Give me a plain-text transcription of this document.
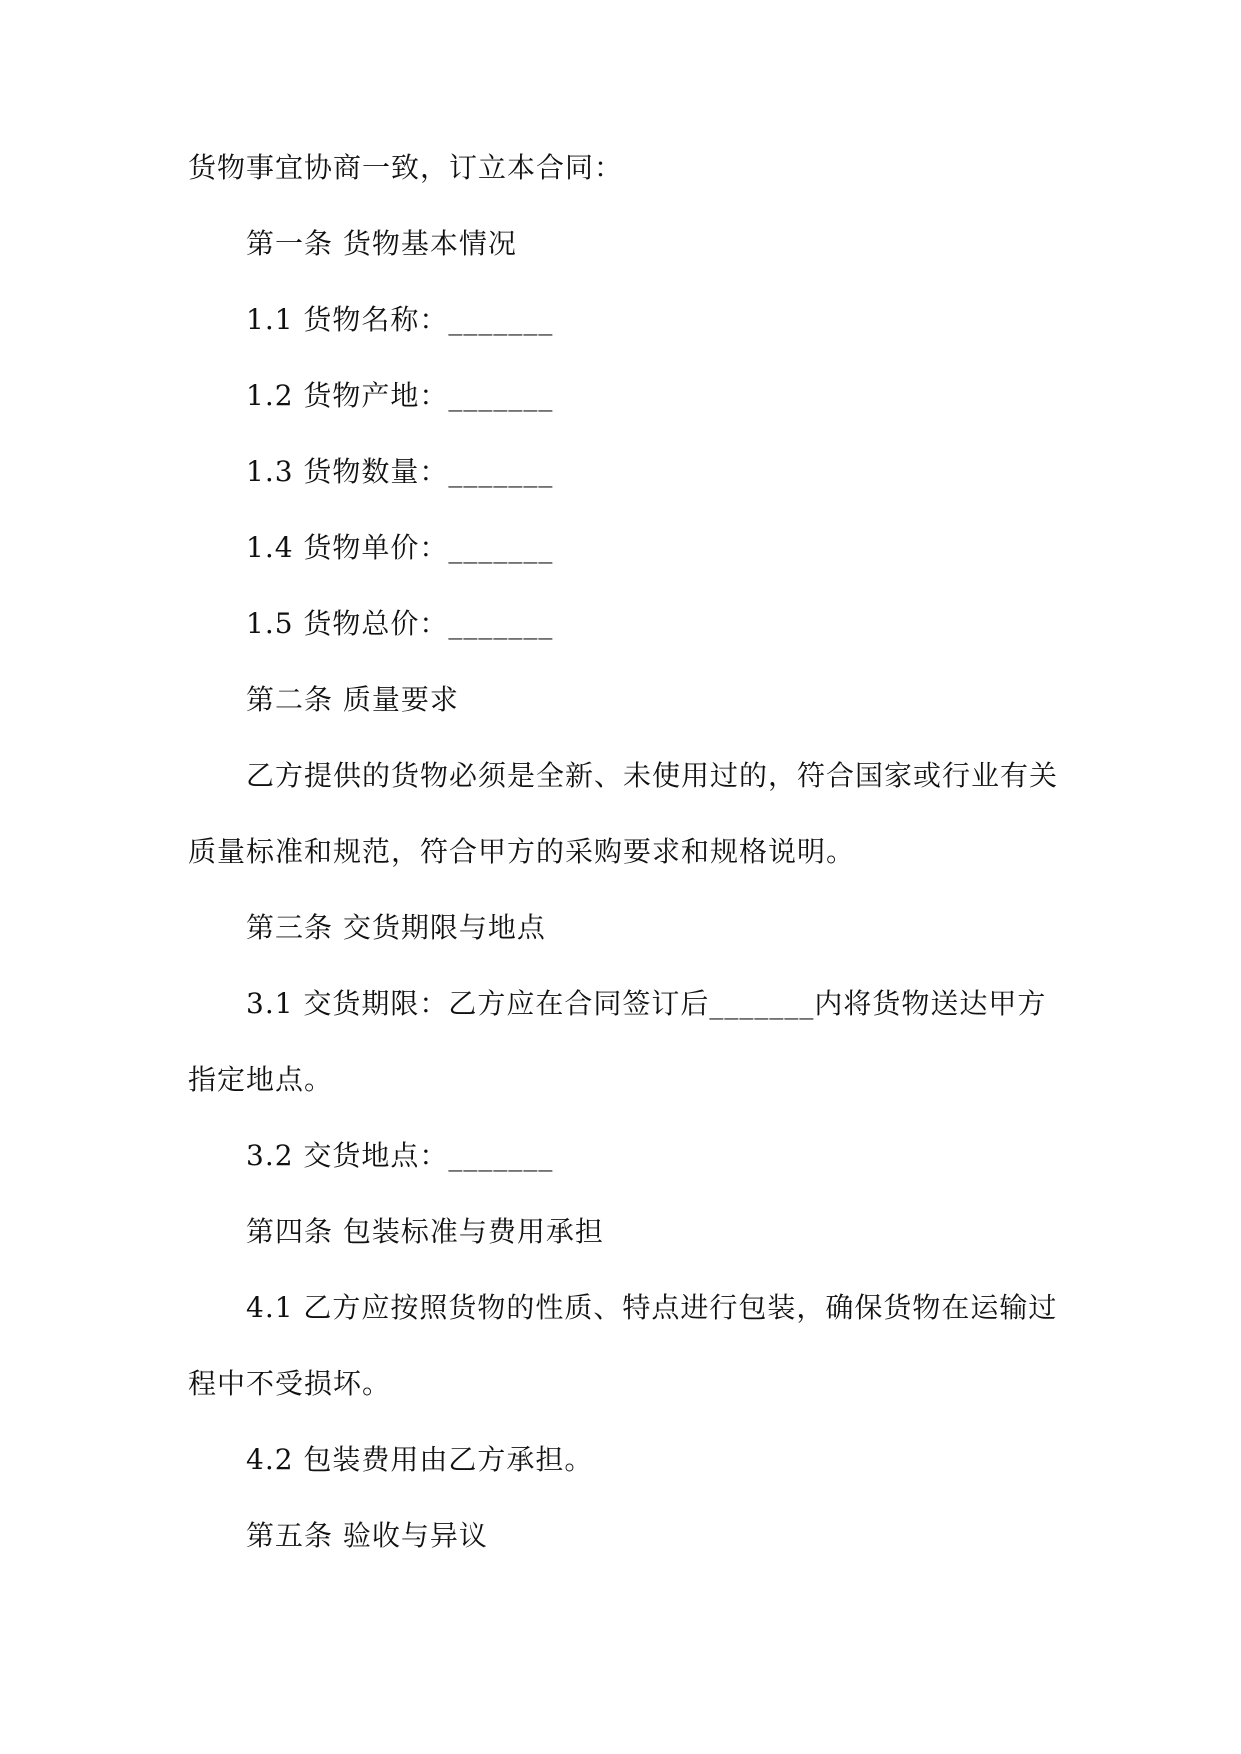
货物事宜协商一致，订立本合同：
第一条 货物基本情况
1.1 货物名称：_______
1.2 货物产地：_______
1.3 货物数量：_______
1.4 货物单价：_______
1.5 货物总价：_______
第二条 质量要求
乙方提供的货物必须是全新、未使用过的，符合国家或行业有关
质量标准和规范，符合甲方的采购要求和规格说明。
第三条 交货期限与地点
3.1 交货期限：乙方应在合同签订后_______内将货物送达甲方
指定地点。
3.2 交货地点：_______
第四条 包装标准与费用承担
4.1 乙方应按照货物的性质、特点进行包装，确保货物在运输过
程中不受损坏。
4.2 包装费用由乙方承担。
第五条 验收与异议
